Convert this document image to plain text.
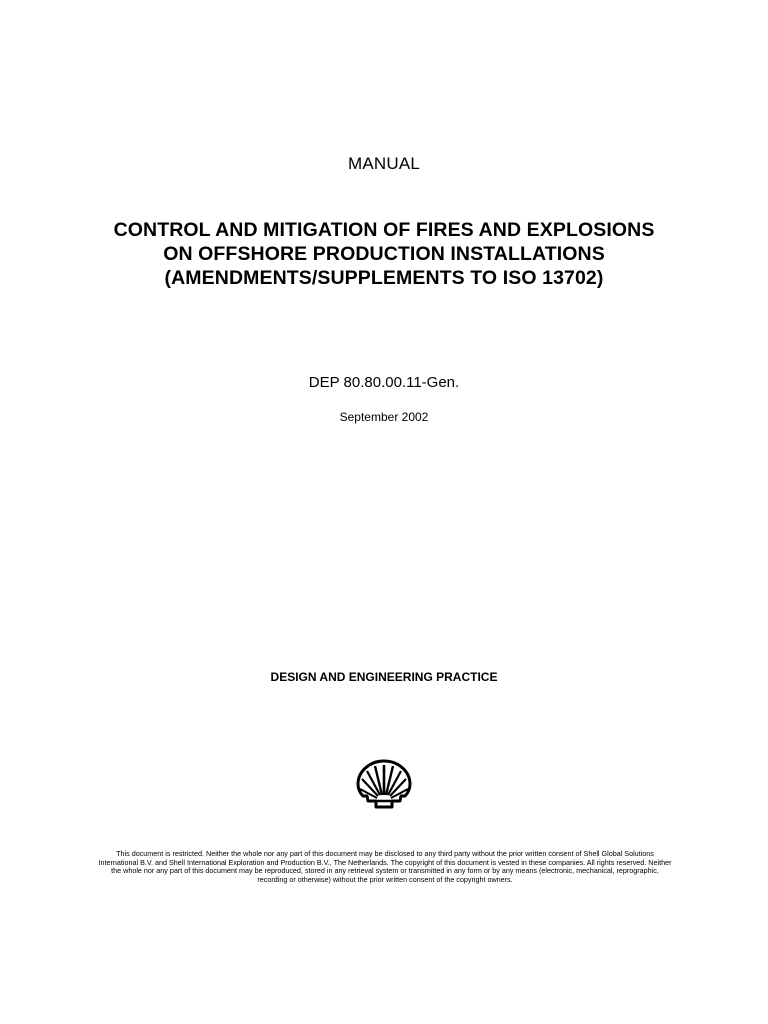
MANUAL
CONTROL AND MITIGATION OF FIRES AND EXPLOSIONS
ON OFFSHORE PRODUCTION INSTALLATIONS
(AMENDMENTS/SUPPLEMENTS TO ISO 13702)
DEP 80.80.00.11-Gen.
September 2002
DESIGN AND ENGINEERING PRACTICE
This document is restricted. Neither the whole nor any part of this document may be disclosed to any third party without the prior written consent of Shell Global Solutions International B.V. and Shell International Exploration and Production B.V., The Netherlands. The copyright of this document is vested in these companies. All rights reserved. Neither the whole nor any part of this document may be reproduced, stored in any retrieval system or transmitted in any form or by any means (electronic, mechanical, reprographic, recording or otherwise) without the prior written consent of the copyright owners.
